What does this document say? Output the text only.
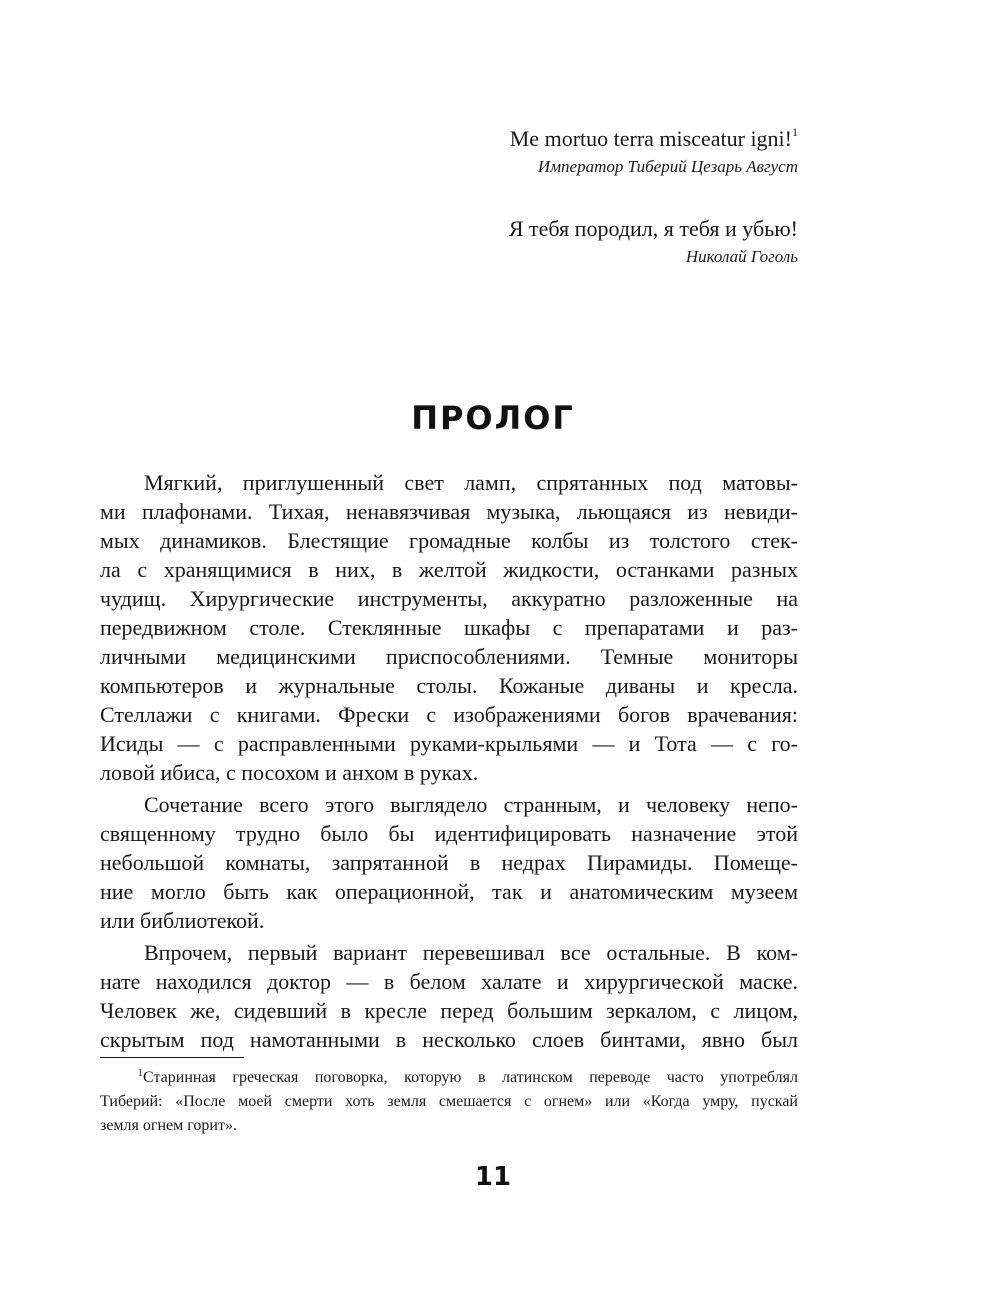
Me mortuo terra misceatur igni!$^1$

Император Тиберий Цезарь Август

Я тебя породил, я тебя и убью!

Николай Гоголь

ПРОЛОГ

Мягкий, приглушенный свет ламп, спрятанных под матовы-
ми плафонами. Тихая, ненавязчивая музыка, льющаяся из невиди-
мых динамиков. Блестящие громадные колбы из толстого стек-
ла с хранящимися в них, в желтой жидкости, останками разных
чудищ. Хирургические инструменты, аккуратно разложенные на
передвижном столе. Стеклянные шкафы с препаратами и раз-
личными медицинскими приспособлениями. Темные мониторы
компьютеров и журнальные столы. Кожаные диваны и кресла.
Стеллажи с книгами. Фрески с изображениями богов врачевания:
Исиды — с расправленными руками-крыльями — и Тота — с го-
ловой ибиса, с посохом и анхом в руках.

Сочетание всего этого выглядело странным, и человеку непо-
священному трудно было бы идентифицировать назначение этой
небольшой комнаты, запрятанной в недрах Пирамиды. Помеще-
ние могло быть как операционной, так и анатомическим музеем
или библиотекой.

Впрочем, первый вариант перевешивал все остальные. В ком-
нате находился доктор — в белом халате и хирургической маске.
Человек же, сидевший в кресле перед большим зеркалом, с лицом,
скрытым под намотанными в несколько слоев бинтами, явно был

$^1$Старинная греческая поговорка, которую в латинском переводе часто употреблял
Тиберий: «После моей смерти хоть земля смешается с огнем» или «Когда умру, пускай
земля огнем горит».
11
